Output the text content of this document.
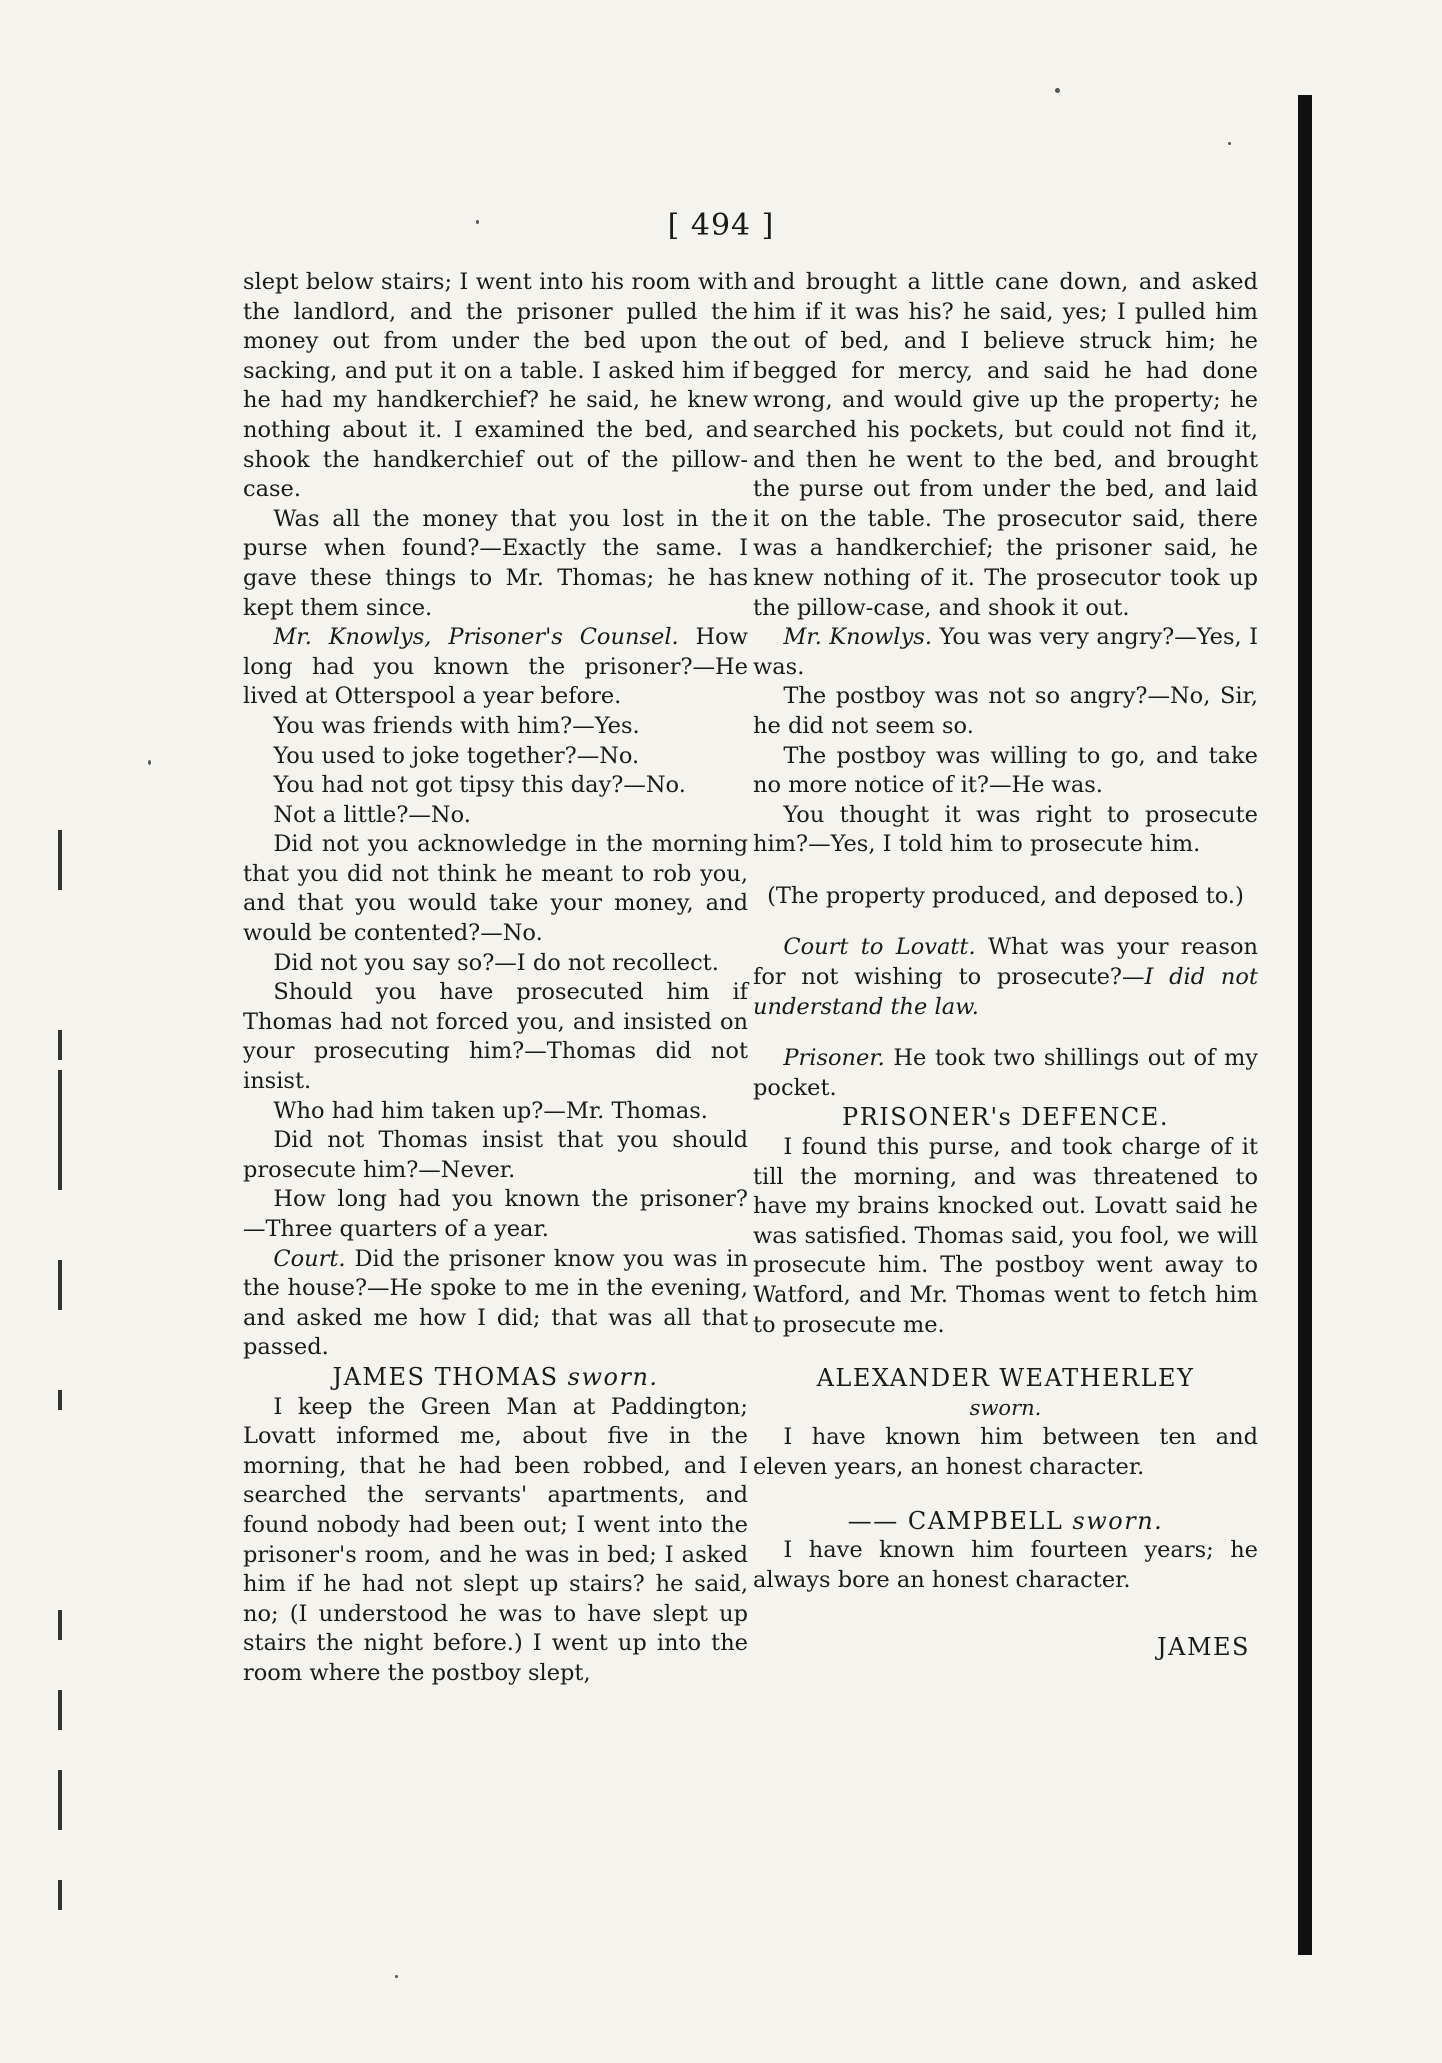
[ 494 ]

slept below stairs; I went into his room with the landlord, and the prisoner pulled the money out from under the bed upon the sacking, and put it on a table. I asked him if he had my handkerchief? he said, he knew nothing about it. I examined the bed, and shook the handkerchief out of the pillow-case.

Was all the money that you lost in the purse when found?—Exactly the same. I gave these things to Mr. Thomas; he has kept them since.

Mr. Knowlys, Prisoner's Counsel. How long had you known the prisoner?—He lived at Otterspool a year before.

You was friends with him?—Yes.

You used to joke together?—No.

You had not got tipsy this day?—No.

Not a little?—No.

Did not you acknowledge in the morning that you did not think he meant to rob you, and that you would take your money, and would be contented?—No.

Did not you say so?—I do not recollect.

Should you have prosecuted him if Thomas had not forced you, and insisted on your prosecuting him?—Thomas did not insist.

Who had him taken up?—Mr. Thomas.

Did not Thomas insist that you should prosecute him?—Never.

How long had you known the prisoner? —Three quarters of a year.

Court. Did the prisoner know you was in the house?—He spoke to me in the evening, and asked me how I did; that was all that passed.

JAMES THOMAS sworn.

I keep the Green Man at Paddington; Lovatt informed me, about five in the morning, that he had been robbed, and I searched the servants' apartments, and found nobody had been out; I went into the prisoner's room, and he was in bed; I asked him if he had not slept up stairs? he said, no; (I understood he was to have slept up stairs the night before.) I went up into the room where the postboy slept,

and brought a little cane down, and asked him if it was his? he said, yes; I pulled him out of bed, and I believe struck him; he begged for mercy, and said he had done wrong, and would give up the property; he searched his pockets, but could not find it, and then he went to the bed, and brought the purse out from under the bed, and laid it on the table. The prosecutor said, there was a handkerchief; the prisoner said, he knew nothing of it. The prosecutor took up the pillow-case, and shook it out.

Mr. Knowlys. You was very angry?—Yes, I was.

The postboy was not so angry?—No, Sir, he did not seem so.

The postboy was willing to go, and take no more notice of it?—He was.

You thought it was right to prosecute him?—Yes, I told him to prosecute him.

(The property produced, and deposed to.)

Court to Lovatt. What was your reason for not wishing to prosecute?—I did not understand the law.

Prisoner. He took two shillings out of my pocket.

PRISONER's DEFENCE.

I found this purse, and took charge of it till the morning, and was threatened to have my brains knocked out. Lovatt said he was satisfied. Thomas said, you fool, we will prosecute him. The postboy went away to Watford, and Mr. Thomas went to fetch him to prosecute me.

ALEXANDER WEATHERLEY

sworn.

I have known him between ten and eleven years, an honest character.

—— CAMPBELL sworn.

I have known him fourteen years; he always bore an honest character.

JAMES
